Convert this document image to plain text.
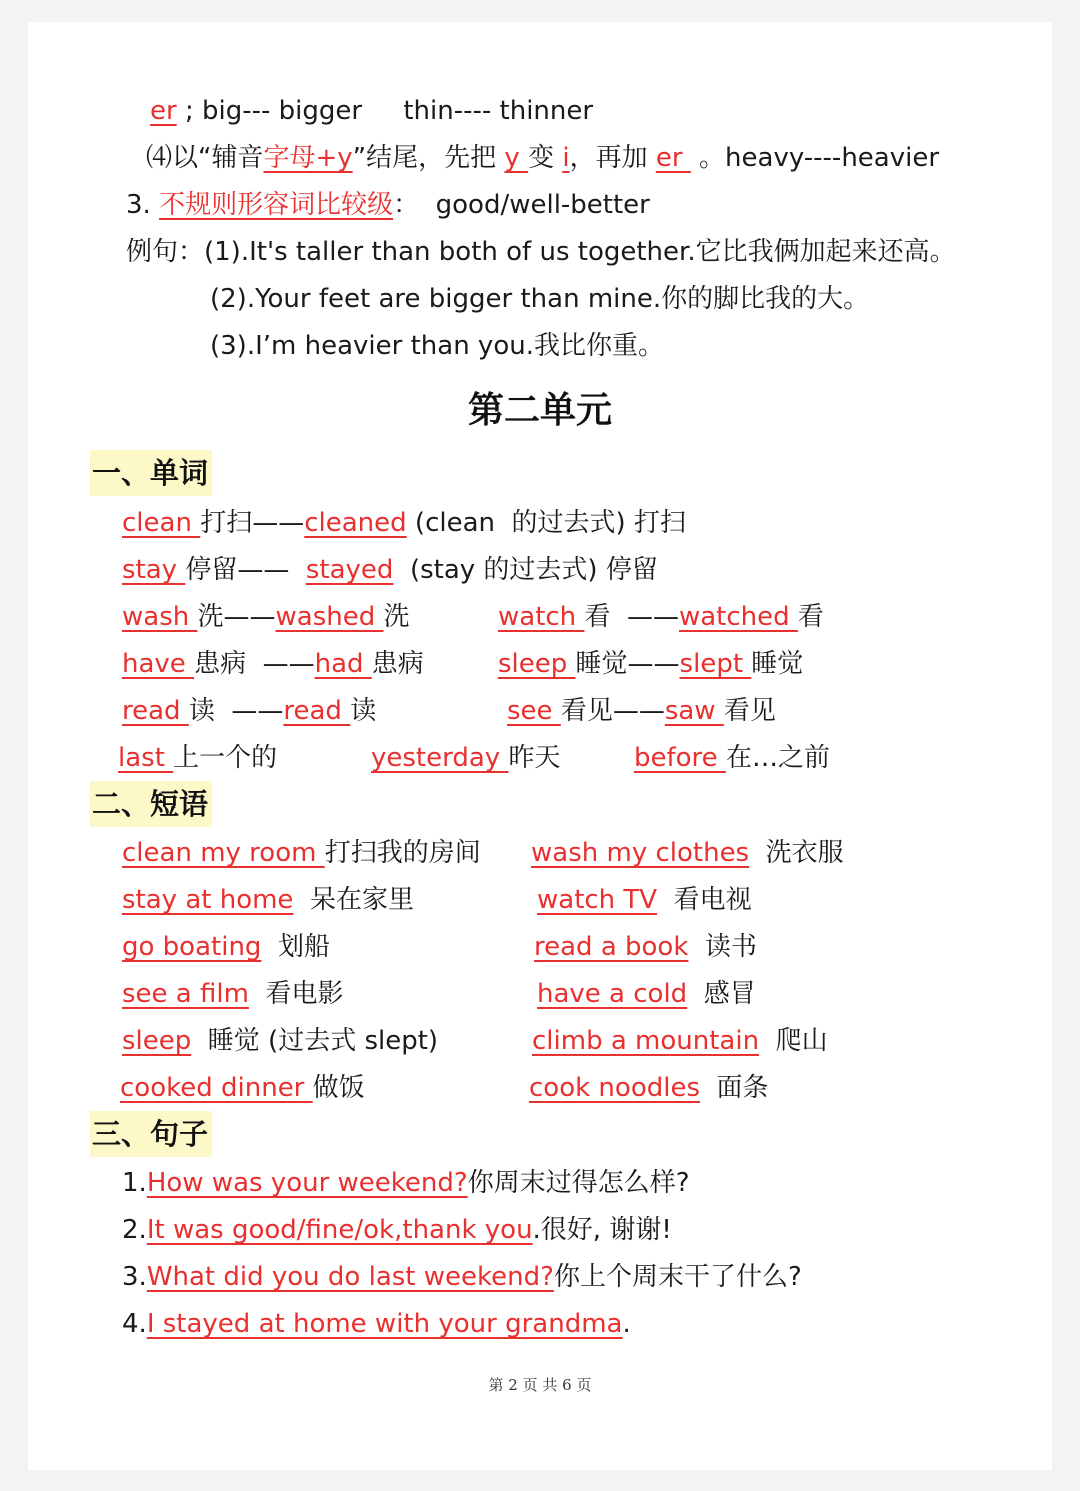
er ; big--- bigger     thin---- thinner
⑷以“辅音字母+y”结尾，先把 y 变 i，再加 er  。heavy----heavier
3. 不规则形容词比较级：  good/well-better
例句：(1).It's taller than both of us together.它比我俩加起来还高。
(2).Your feet are bigger than mine.你的脚比我的大。
(3).I’m heavier than you.我比你重。
第二单元
一、单词
clean 打扫——cleaned (clean  的过去式) 打扫
stay 停留——  stayed  (stay 的过去式) 停留
wash 洗——washed 洗	watch 看  ——watched 看
have 患病  ——had 患病	sleep 睡觉——slept 睡觉
read 读  ——read 读	see 看见——saw 看见
last 上一个的	yesterday 昨天	before 在…之前
二、短语
clean my room 打扫我的房间 wash my clothes  洗衣服
stay at home  呆在家里	watch TV  看电视
go boating  划船	read a book  读书
see a film  看电影	have a cold  感冒
sleep  睡觉 (过去式 slept)	climb a mountain  爬山
cooked dinner 做饭	cook noodles  面条
三、句子
1.How was your weekend?你周末过得怎么样?
2.It was good/fine/ok,thank you.很好, 谢谢!
3.What did you do last weekend?你上个周末干了什么?
4.I stayed at home with your grandma.
第 2 页 共 6 页
